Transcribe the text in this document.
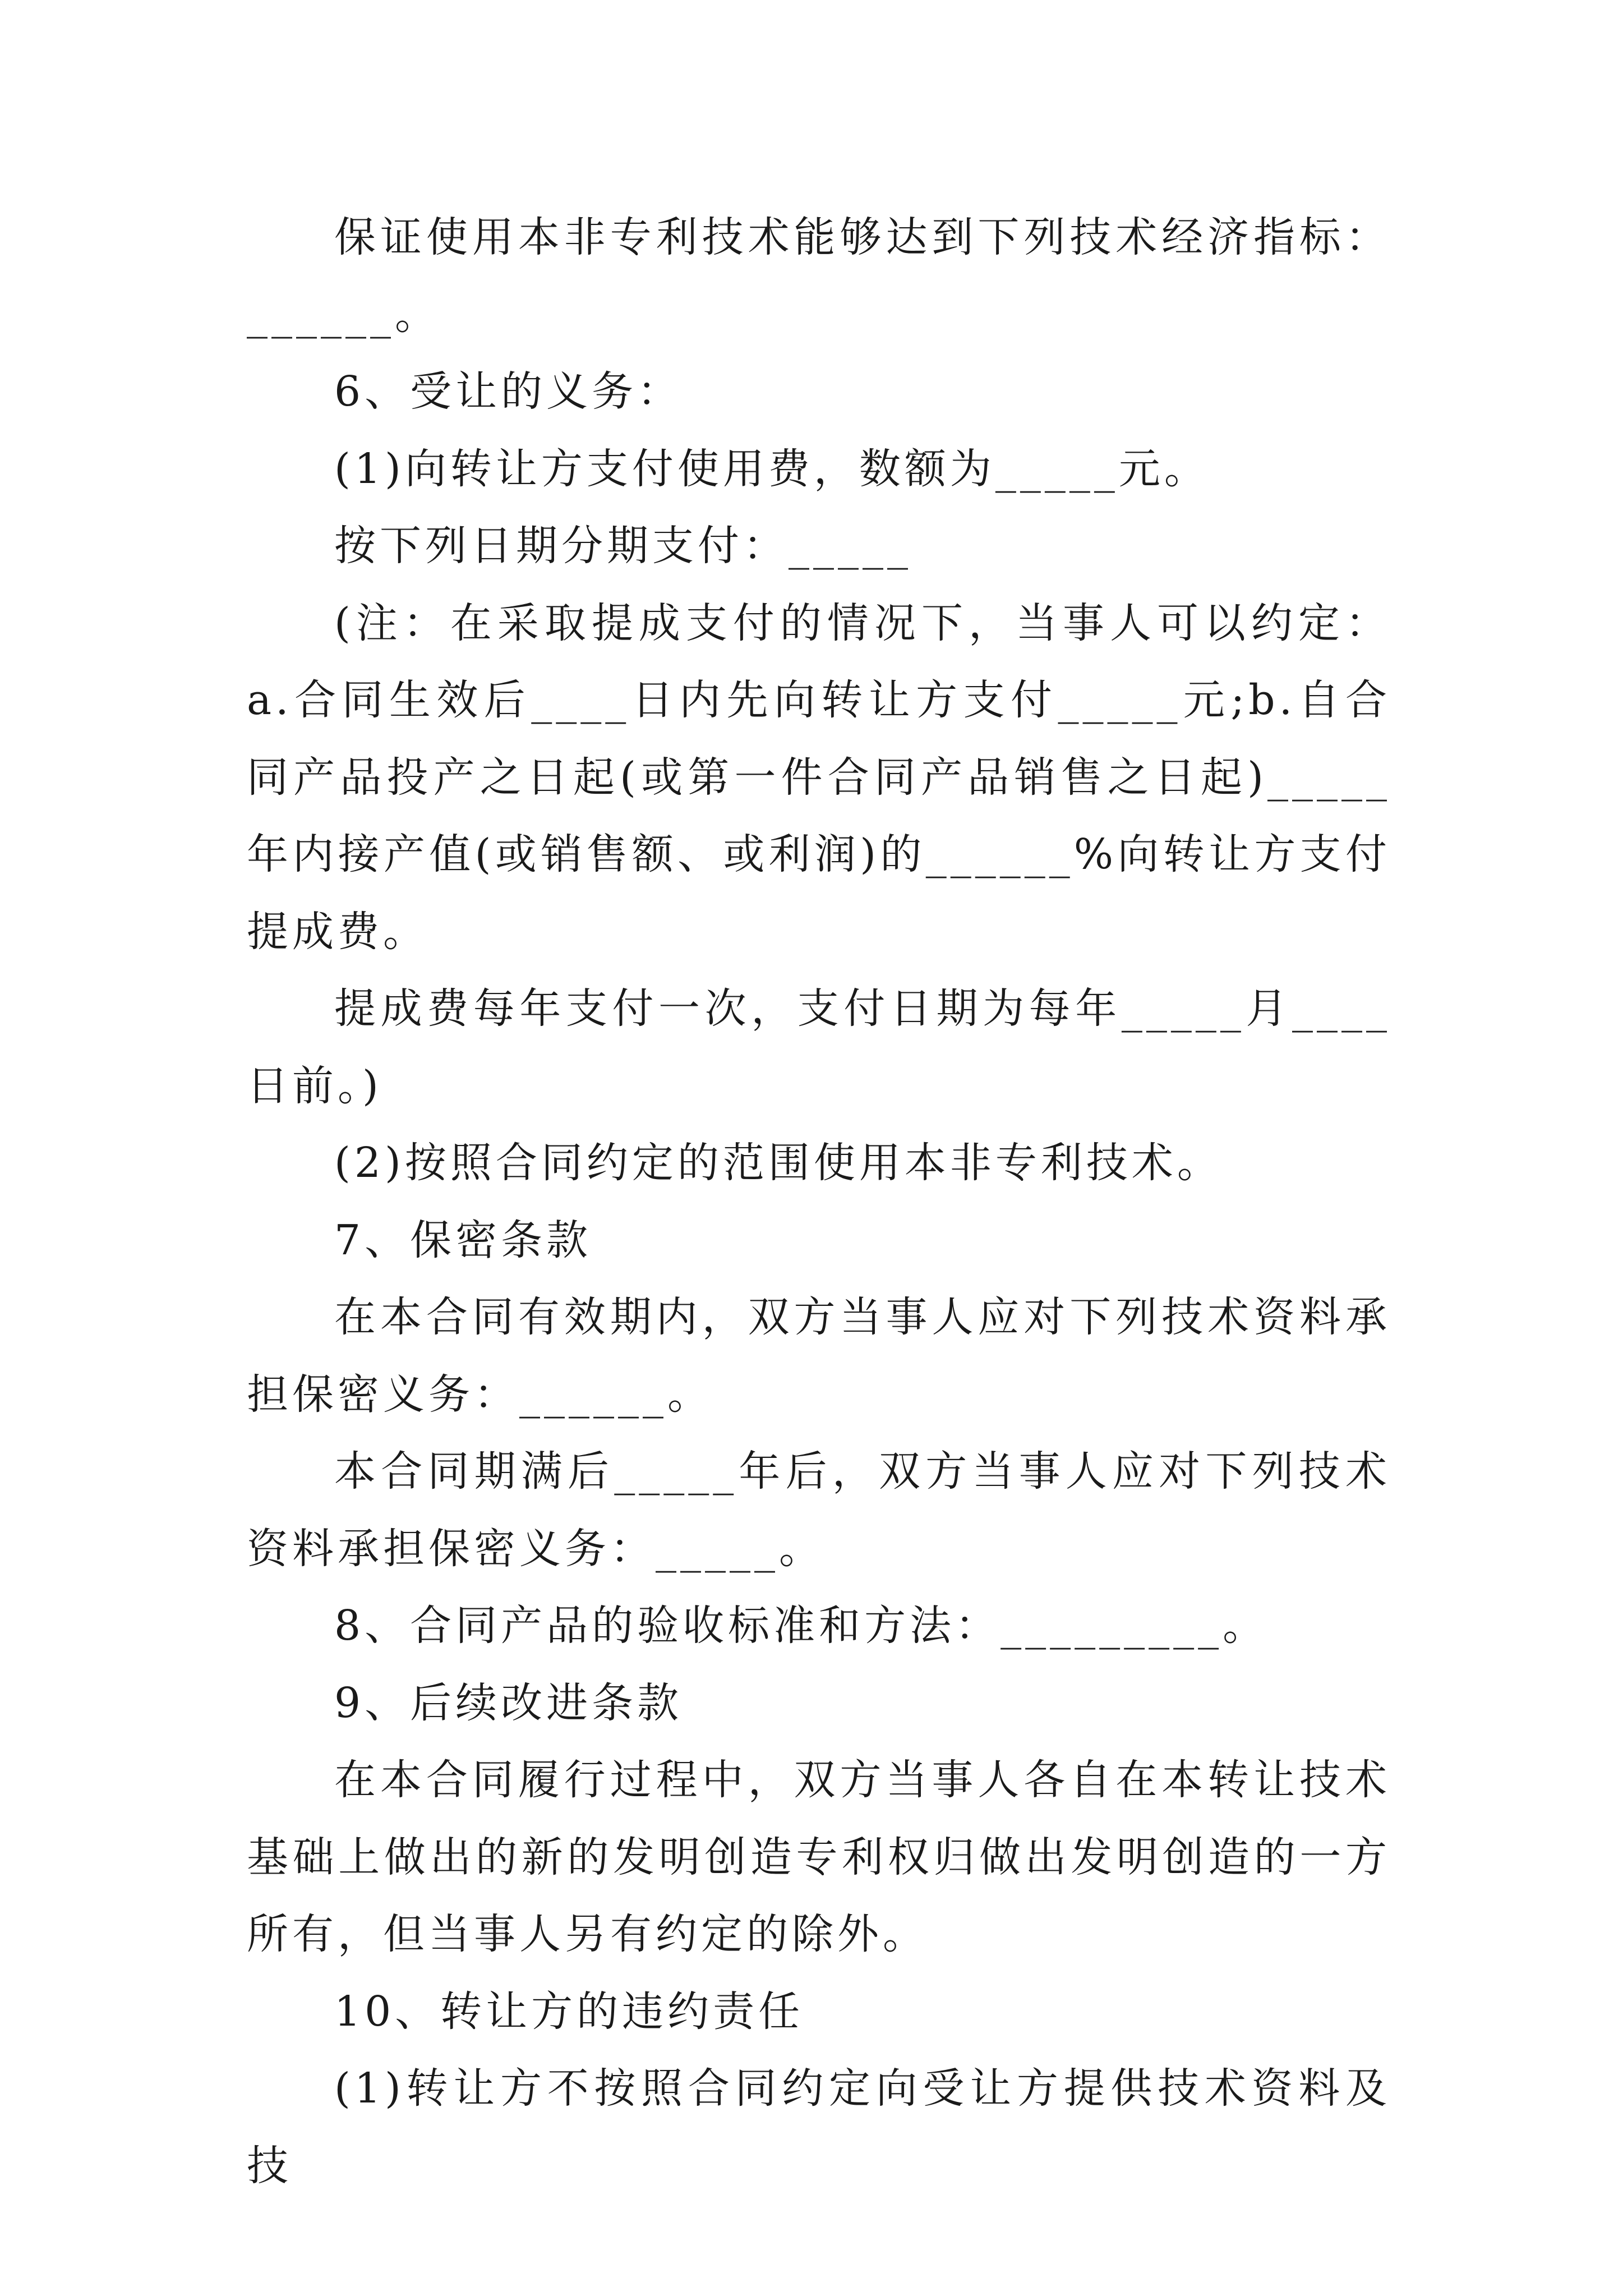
保证使用本非专利技术能够达到下列技术经济指标：______。

6、受让的义务：

(1)向转让方支付使用费，数额为_____元。

按下列日期分期支付：_____

(注：在采取提成支付的情况下，当事人可以约定：a.合同生效后____日内先向转让方支付_____元;b.自合同产品投产之日起(或第一件合同产品销售之日起)_____年内接产值(或销售额、或利润)的______%向转让方支付提成费。

提成费每年支付一次，支付日期为每年_____月____日前。)

(2)按照合同约定的范围使用本非专利技术。

7、保密条款

在本合同有效期内，双方当事人应对下列技术资料承担保密义务：______。

本合同期满后_____年后，双方当事人应对下列技术资料承担保密义务：_____。

8、合同产品的验收标准和方法：_________。

9、后续改进条款

在本合同履行过程中，双方当事人各自在本转让技术基础上做出的新的发明创造专利权归做出发明创造的一方所有，但当事人另有约定的除外。

10、转让方的违约责任

(1)转让方不按照合同约定向受让方提供技术资料及技
